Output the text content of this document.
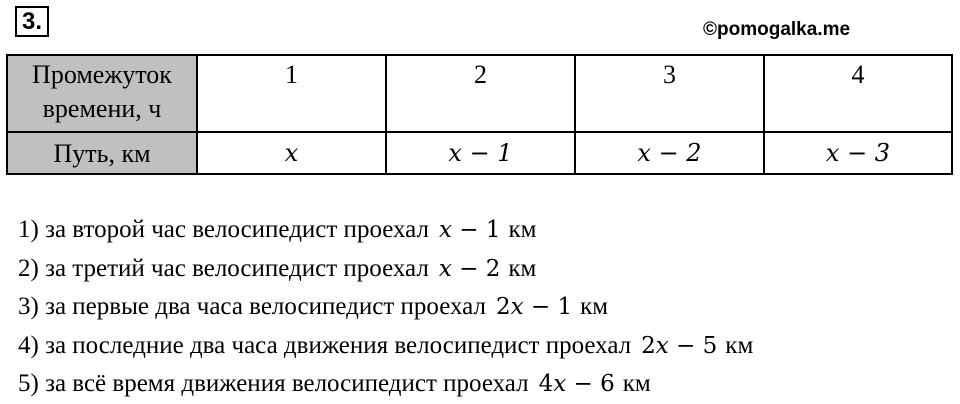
3.	©pomogalka.me
Промежуток
времени, ч	1	2	3	4
Путь, км	x	x − 1	x − 2	x − 3
1) за второй час велосипедист проехал x − 1 км
2) за третий час велосипедист проехал x − 2 км
3) за первые два часа велосипедист проехал 2x − 1 км
4) за последние два часа движения велосипедист проехал 2x − 5 км
5) за всё время движения велосипедист проехал 4x − 6 км
